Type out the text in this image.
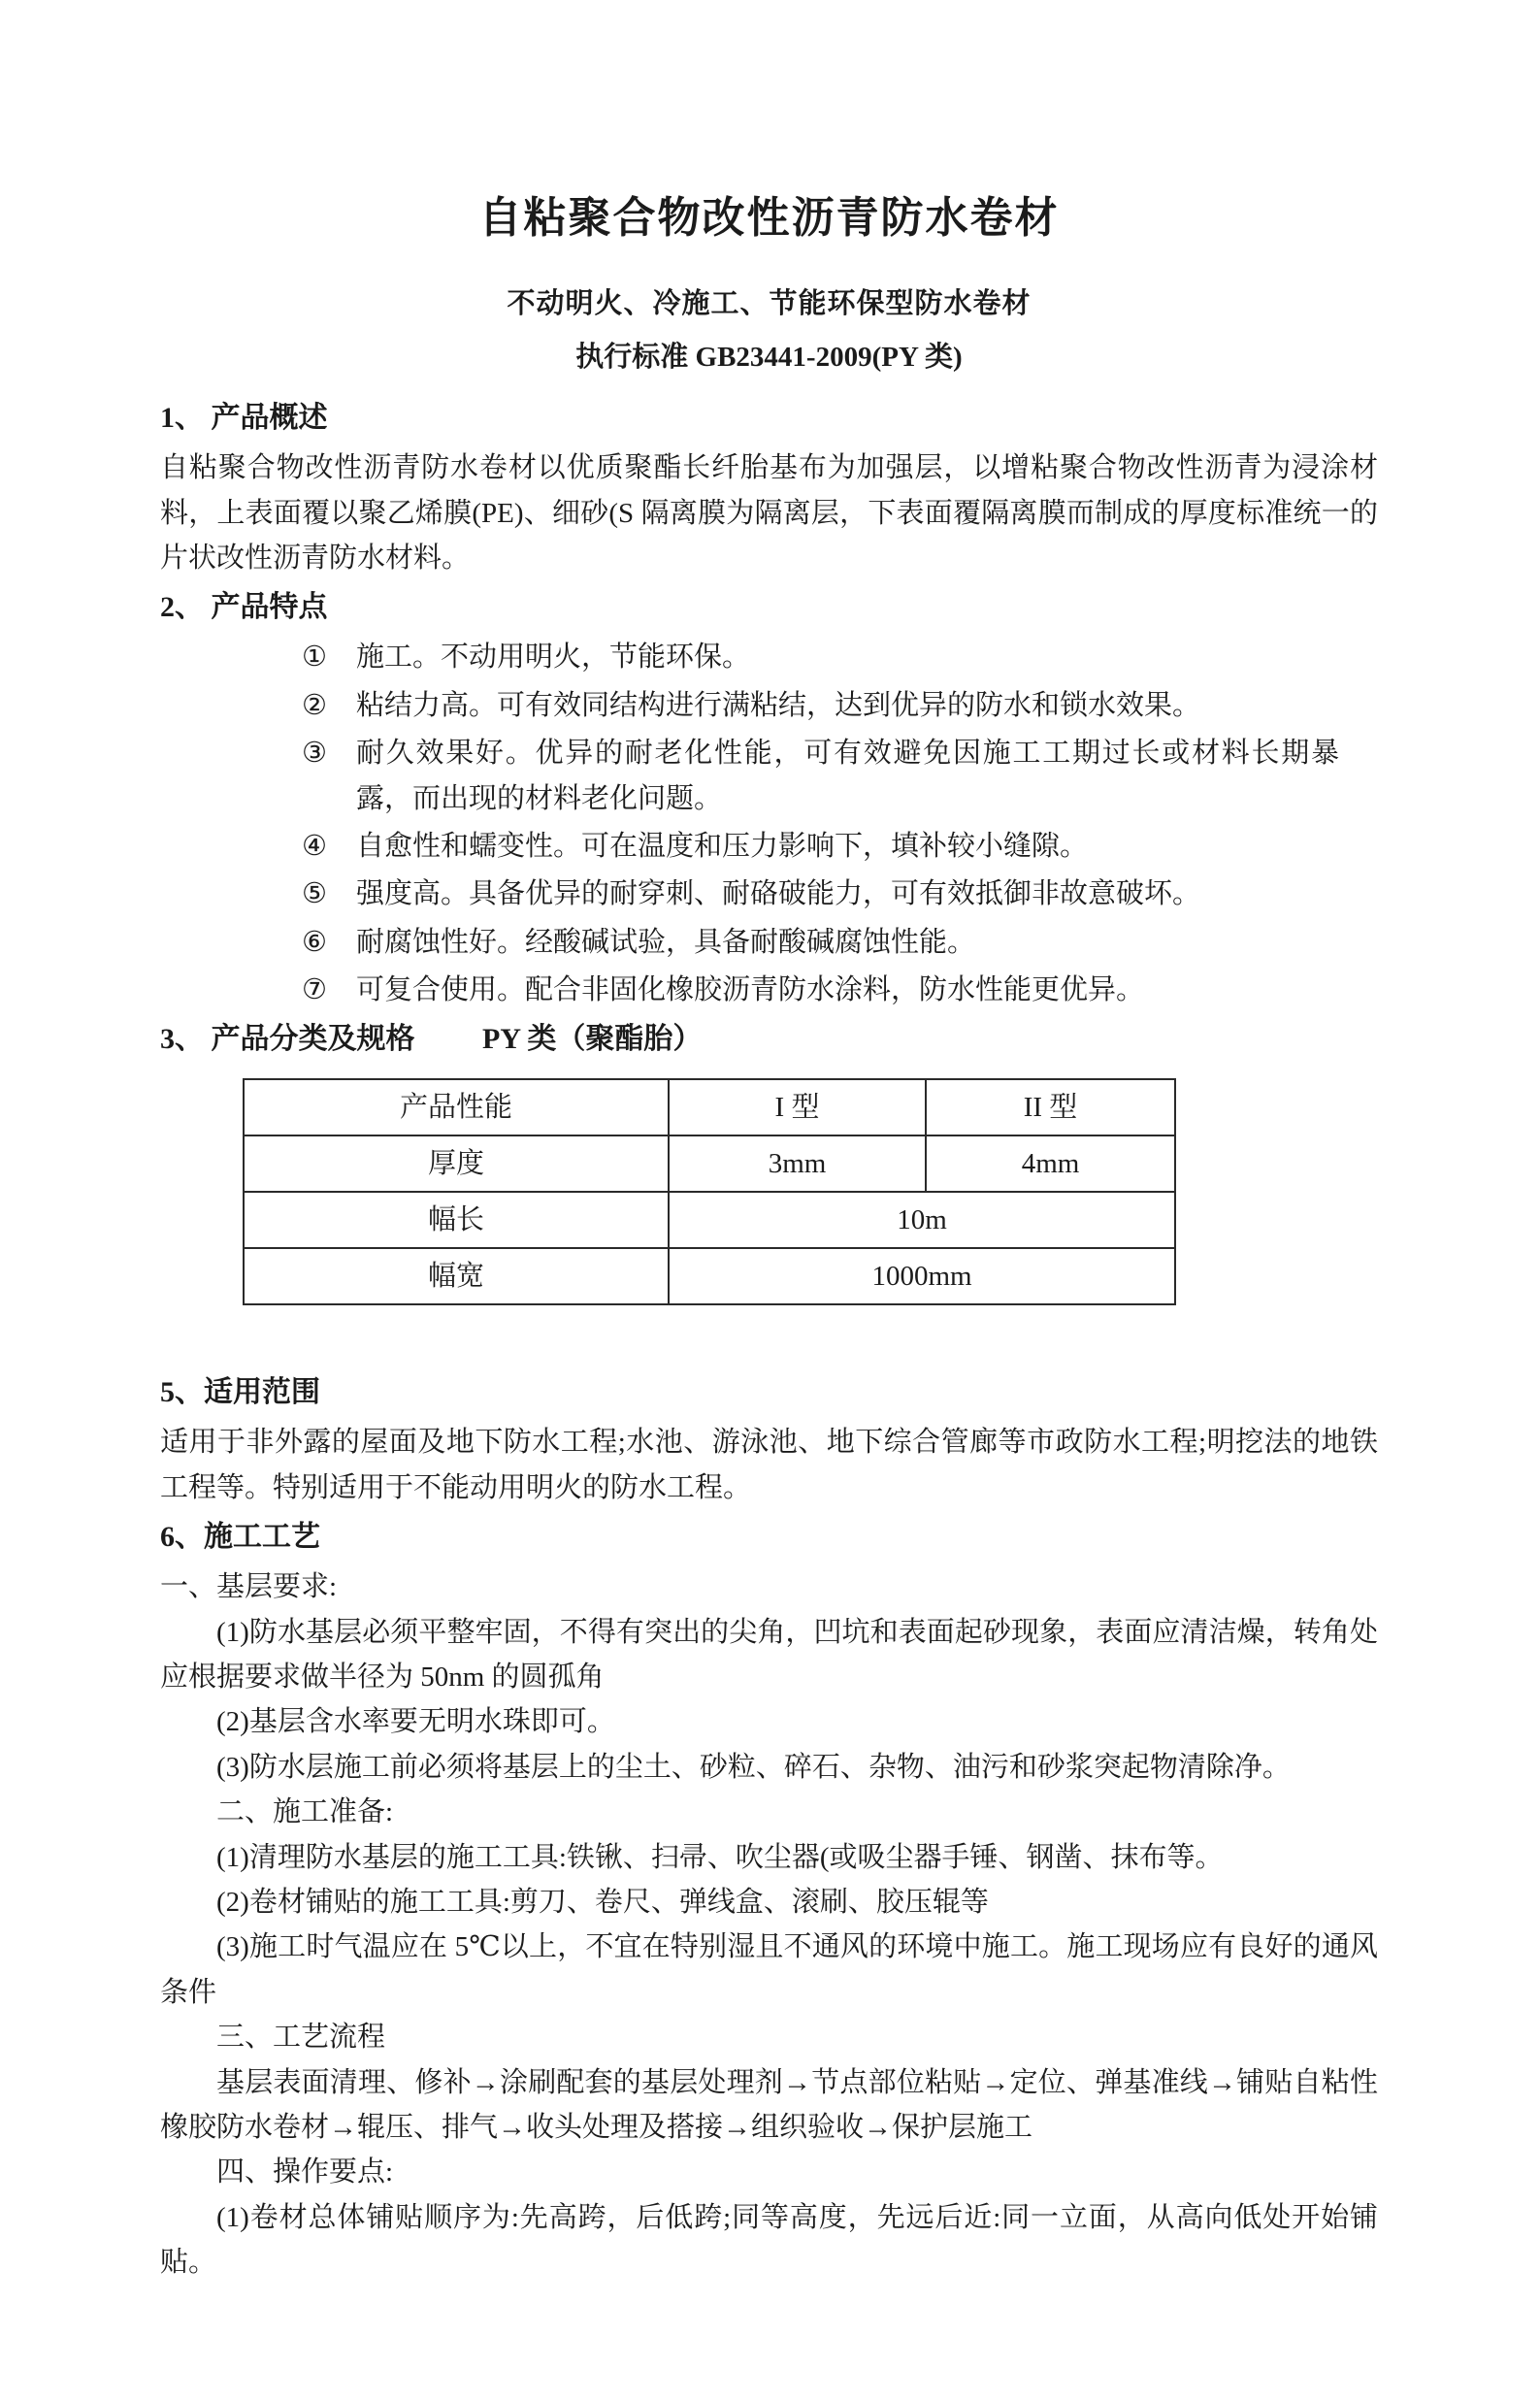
自粘聚合物改性沥青防水卷材
不动明火、冷施工、节能环保型防水卷材
执行标准 GB23441-2009(PY 类)
1、 产品概述

自粘聚合物改性沥青防水卷材以优质聚酯长纤胎基布为加强层，以增粘聚合物改性沥青为浸涂材料，上表面覆以聚乙烯膜(PE)、细砂(S 隔离膜为隔离层，下表面覆隔离膜而制成的厚度标准统一的片状改性沥青防水材料。

2、 产品特点
①	施工。不动用明火，节能环保。
②	粘结力高。可有效同结构进行满粘结，达到优异的防水和锁水效果。
③	耐久效果好。优异的耐老化性能，可有效避免因施工工期过长或材料长期暴露，而出现的材料老化问题。
④	自愈性和蠕变性。可在温度和压力影响下，填补较小缝隙。
⑤	强度高。具备优异的耐穿刺、耐硌破能力，可有效抵御非故意破坏。
⑥	耐腐蚀性好。经酸碱试验，具备耐酸碱腐蚀性能。
⑦	可复合使用。配合非固化橡胶沥青防水涂料，防水性能更优异。
3、 产品分类及规格 PY 类（聚酯胎）
产品性能	I 型	II 型
厚度	3mm	4mm
幅长	10m	
幅宽	1000mm	
5、适用范围

适用于非外露的屋面及地下防水工程;水池、游泳池、地下综合管廊等市政防水工程;明挖法的地铁工程等。特别适用于不能动用明火的防水工程。

6、施工工艺

一、基层要求:

(1)防水基层必须平整牢固，不得有突出的尖角，凹坑和表面起砂现象，表面应清洁燥，转角处应根据要求做半径为 50nm 的圆孤角

(2)基层含水率要无明水珠即可。

(3)防水层施工前必须将基层上的尘土、砂粒、碎石、杂物、油污和砂浆突起物清除净。

二、施工准备:

(1)清理防水基层的施工工具:铁锹、扫帚、吹尘器(或吸尘器手锤、钢凿、抹布等。

(2)卷材铺贴的施工工具:剪刀、卷尺、弹线盒、滚刷、胶压辊等

(3)施工时气温应在 5℃以上，不宜在特别湿且不通风的环境中施工。施工现场应有良好的通风条件

三、工艺流程

基层表面清理、修补→涂刷配套的基层处理剂→节点部位粘贴→定位、弹基准线→铺贴自粘性橡胶防水卷材→辊压、排气→收头处理及搭接→组织验收→保护层施工

四、操作要点:

(1)卷材总体铺贴顺序为:先高跨，后低跨;同等高度，先远后近:同一立面，从高向低处开始铺贴。
